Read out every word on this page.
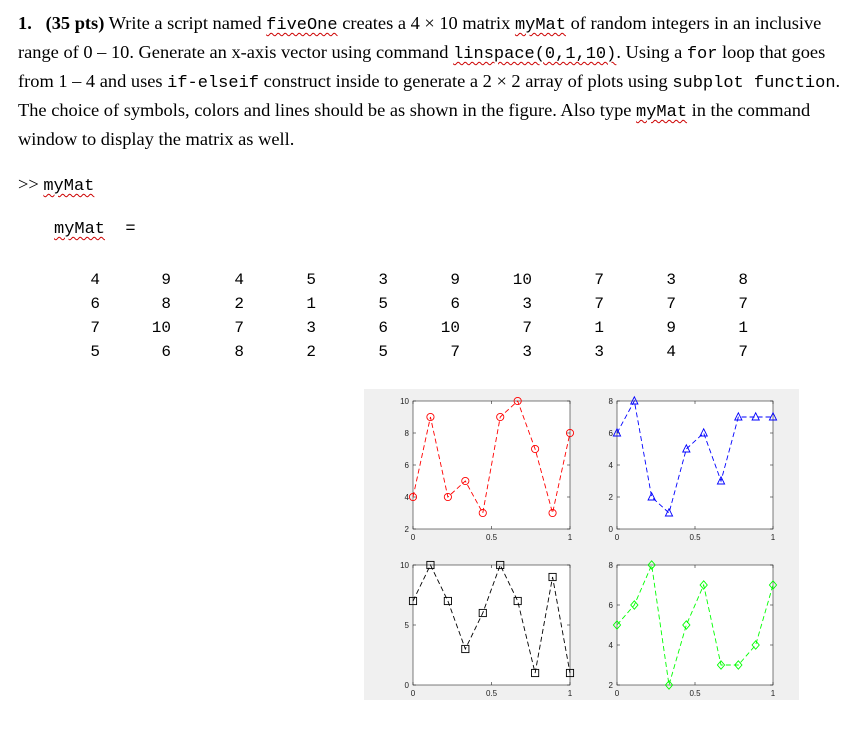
1. (35 pts) Write a script named fiveOne creates a 4 × 10 matrix myMat of random integers in an inclusive range of 0 – 10. Generate an x-axis vector using command linspace(0,1,10). Using a for loop that goes from 1 – 4 and uses if-elseif construct inside to generate a 2 × 2 array of plots using subplot function. The choice of symbols, colors and lines should be as shown in the figure. Also type myMat in the command window to display the matrix as well.
>> myMat
myMat =
4	9	4	5	3	9	10	7	3	8
6	8	2	1	5	6	3	7	7	7
7	10	7	3	6	10	7	1	9	1
5	6	8	2	5	7	3	3	4	7
2
4
6
8
10
0	0.5	1
0
2
4
6
8
0	0.5	1
0
5
10
0	0.5	1
2
4
6
8
0	0.5	1
